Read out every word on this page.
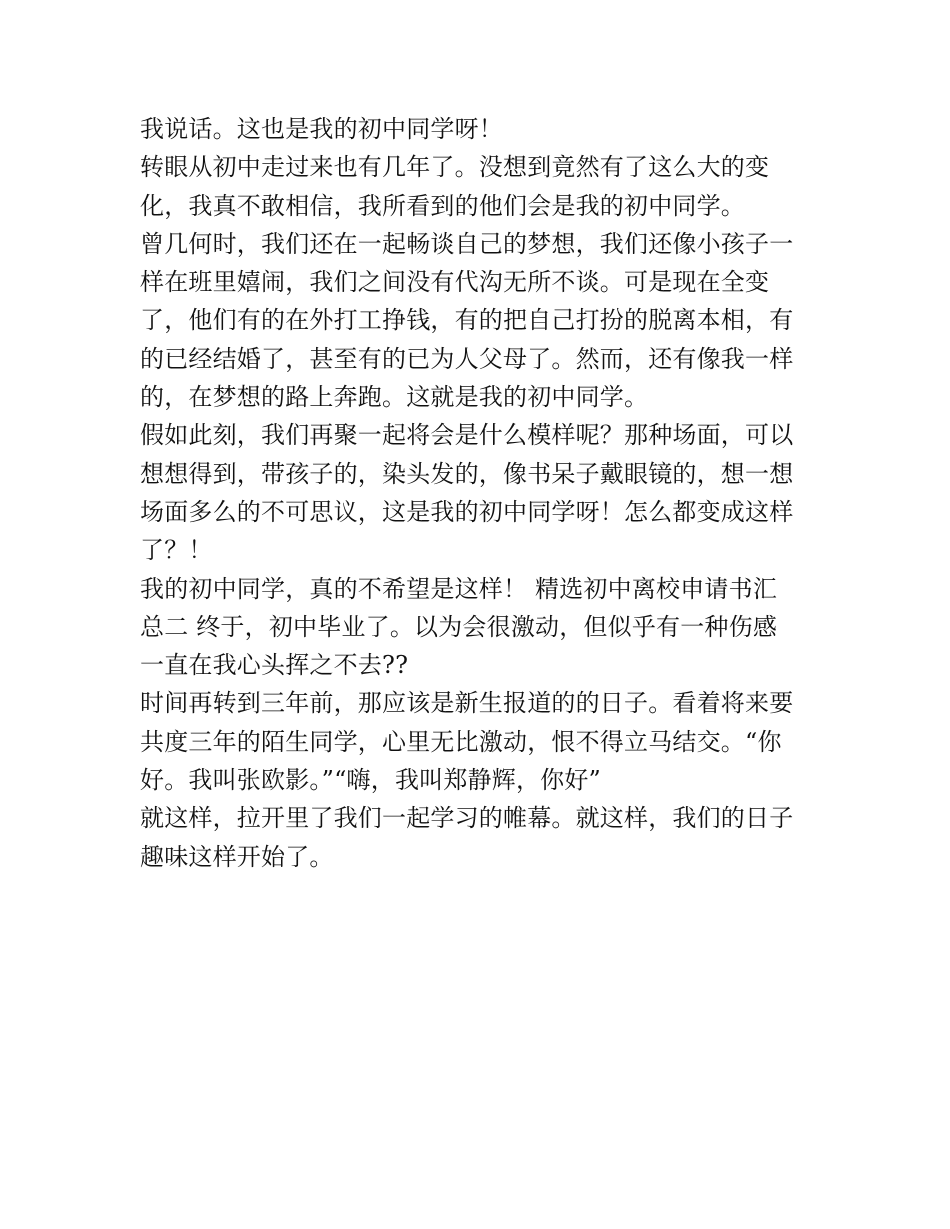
我说话。这也是我的初中同学呀！
转眼从初中走过来也有几年了。没想到竟然有了这么大的变
化，我真不敢相信，我所看到的他们会是我的初中同学。
曾几何时，我们还在一起畅谈自己的梦想，我们还像小孩子一
样在班里嬉闹，我们之间没有代沟无所不谈。可是现在全变
了，他们有的在外打工挣钱，有的把自己打扮的脱离本相，有
的已经结婚了，甚至有的已为人父母了。然而，还有像我一样
的，在梦想的路上奔跑。这就是我的初中同学。
假如此刻，我们再聚一起将会是什么模样呢？那种场面，可以
想想得到，带孩子的，染头发的，像书呆子戴眼镜的，想一想
场面多么的不可思议，这是我的初中同学呀！怎么都变成这样
了？！
我的初中同学，真的不希望是这样！ 精选初中离校申请书汇
总二 终于，初中毕业了。以为会很激动，但似乎有一种伤感
一直在我心头挥之不去??
时间再转到三年前，那应该是新生报道的的日子。看着将来要
共度三年的陌生同学，心里无比激动，恨不得立马结交。“你
好。我叫张欧影。”“嗨，我叫郑静辉，你好”
就这样，拉开里了我们一起学习的帷幕。就这样，我们的日子
趣味这样开始了。
